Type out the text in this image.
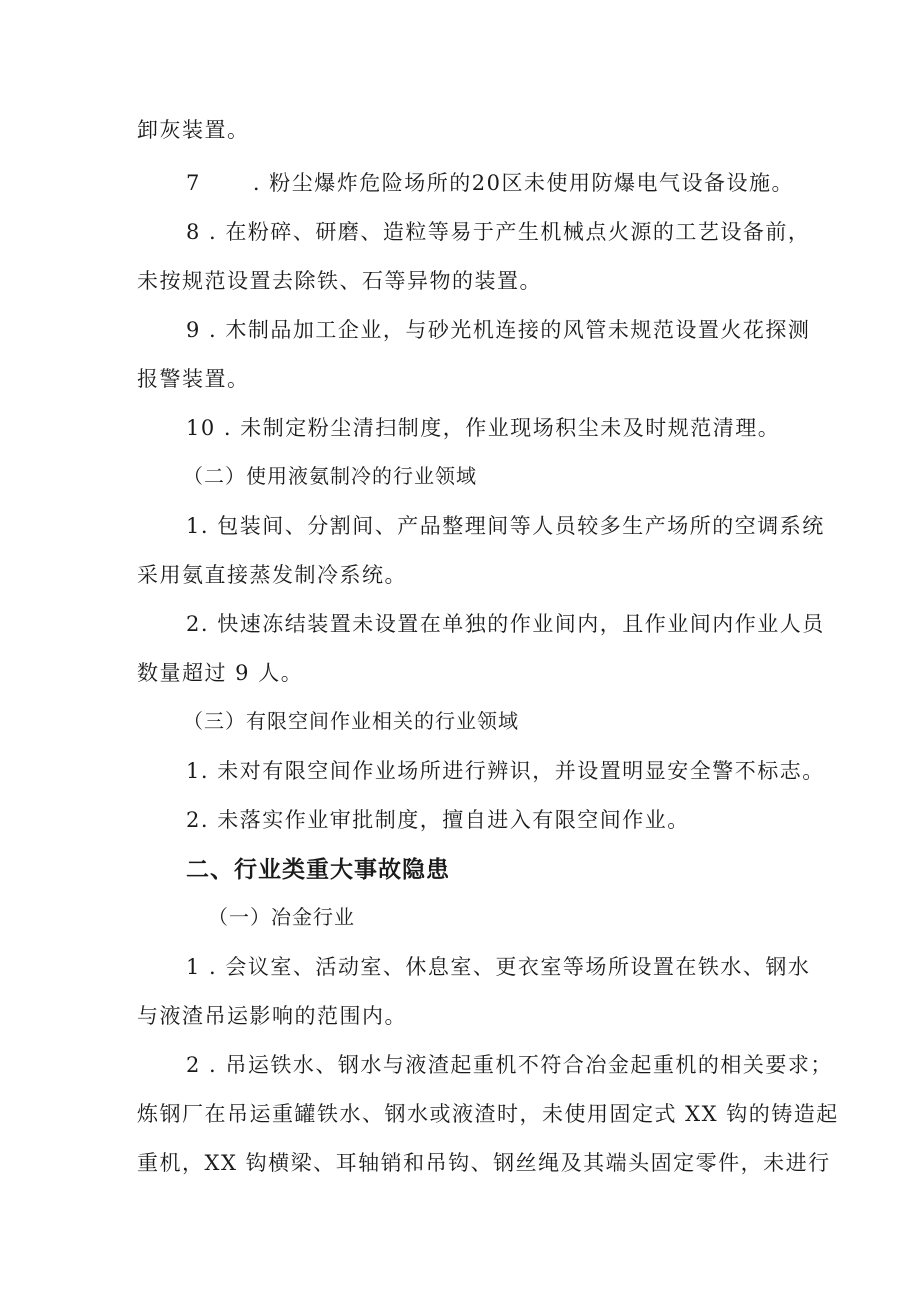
卸灰装置。
7 . 粉尘爆炸危险场所的20区未使用防爆电气设备设施。
8 . 在粉碎、研磨、造粒等易于产生机械点火源的工艺设备前，
未按规范设置去除铁、石等异物的装置。
9 . 木制品加工企业，与砂光机连接的风管未规范设置火花探测
报警装置。
10 . 未制定粉尘清扫制度，作业现场积尘未及时规范清理。
（二）使用液氨制冷的行业领域
1. 包装间、分割间、产品整理间等人员较多生产场所的空调系统
采用氨直接蒸发制冷系统。
2. 快速冻结装置未设置在单独的作业间内，且作业间内作业人员
数量超过 9 人。
（三）有限空间作业相关的行业领域
1. 未对有限空间作业场所进行辨识，并设置明显安全警不标志。
2. 未落实作业审批制度，擅自进入有限空间作业。
二、行业类重大事故隐患
（一）冶金行业
1 . 会议室、活动室、休息室、更衣室等场所设置在铁水、钢水
与液渣吊运影响的范围内。
2 . 吊运铁水、钢水与液渣起重机不符合冶金起重机的相关要求；
炼钢厂在吊运重罐铁水、钢水或液渣时，未使用固定式 XX 钩的铸造起
重机，XX 钩横梁、耳轴销和吊钩、钢丝绳及其端头固定零件，未进行
